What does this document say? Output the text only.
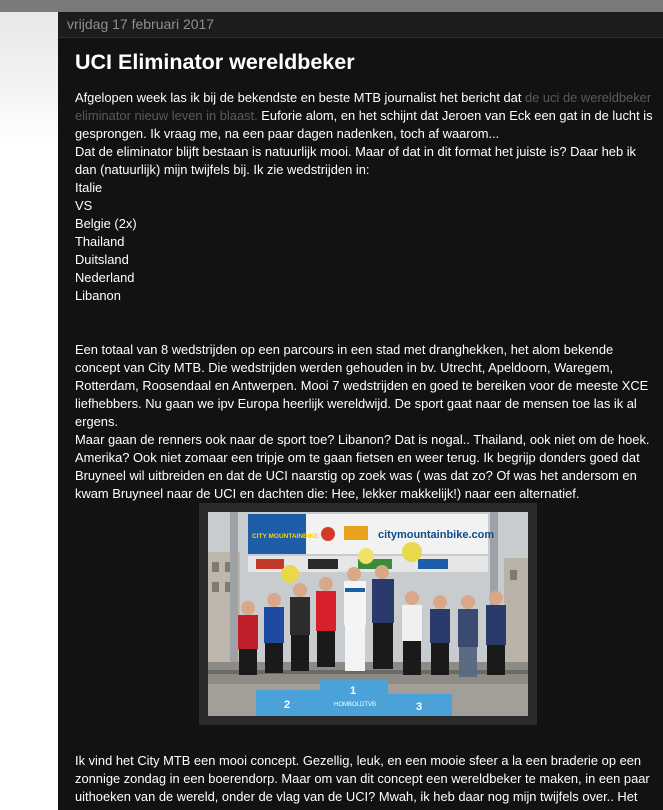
vrijdag 17 februari 2017
UCI Eliminator wereldbeker
Afgelopen week las ik bij de bekendste en beste MTB journalist het bericht dat de uci de wereldbeker
eliminator nieuw leven in blaast. Euforie alom, en het schijnt dat Jeroen van Eck een gat in de lucht is
gesprongen. Ik vraag me, na een paar dagen nadenken, toch af waarom...
Dat de eliminator blijft bestaan is natuurlijk mooi. Maar of dat in dit format het juiste is? Daar heb ik
dan (natuurlijk) mijn twijfels bij. Ik zie wedstrijden in:
Italie
VS
Belgie (2x)
Thailand
Duitsland
Nederland
Libanon
Een totaal van 8 wedstrijden op een parcours in een stad met dranghekken, het alom bekende
concept van City MTB. Die wedstrijden werden gehouden in bv. Utrecht, Apeldoorn, Waregem,
Rotterdam, Roosendaal en Antwerpen. Mooi 7 wedstrijden en goed te bereiken voor de meeste XCE
liefhebbers. Nu gaan we ipv Europa heerlijk wereldwijd. De sport gaat naar de mensen toe las ik al
ergens.
Maar gaan de renners ook naar de sport toe? Libanon? Dat is nogal.. Thailand, ook niet om de hoek.
Amerika? Ook niet zomaar een tripje om te gaan fietsen en weer terug. Ik begrijp donders goed dat
Bruyneel wil uitbreiden en dat de UCI naarstig op zoek was ( was dat zo? Of was het andersom en
kwam Bruyneel naar de UCI en dachten die: Hee, lekker makkelijk!) naar een alternatief.
CITY MOUNTAINBIKE	citymountainbike.com
2
1
3
HOMBOLDTVB
Ik vind het City MTB een mooi concept. Gezellig, leuk, en een mooie sfeer a la een braderie op een
zonnige zondag in een boerendorp. Maar om van dit concept een wereldbeker te maken, in een paar
uithoeken van de wereld, onder de vlag van de UCI? Mwah, ik heb daar nog mijn twijfels over.. Het
